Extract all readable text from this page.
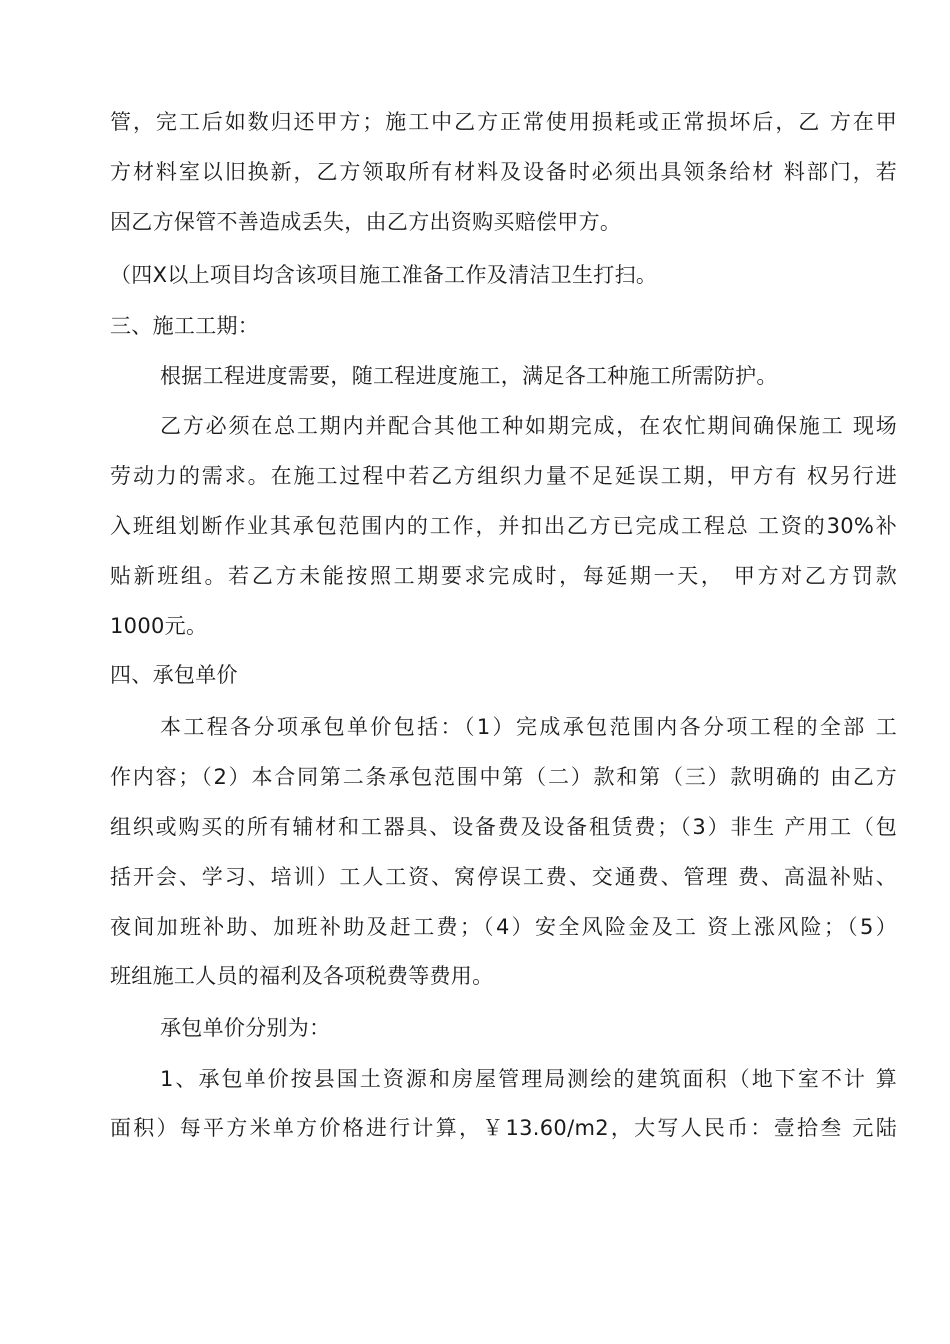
管，完工后如数归还甲方；施工中乙方正常使用损耗或正常损坏后，乙 方在甲
方材料室以旧换新，乙方领取所有材料及设备时必须出具领条给材 料部门，若
因乙方保管不善造成丢失，由乙方出资购买赔偿甲方。
（四X以上项目均含该项目施工准备工作及清洁卫生打扫。
三、施工工期：
根据工程进度需要，随工程进度施工，满足各工种施工所需防护。
乙方必须在总工期内并配合其他工种如期完成，在农忙期间确保施工 现场
劳动力的需求。在施工过程中若乙方组织力量不足延误工期，甲方有 权另行进
入班组划断作业其承包范围内的工作，并扣出乙方已完成工程总 工资的30%补
贴新班组。若乙方未能按照工期要求完成时，每延期一天， 甲方对乙方罚款
1000元。
四、承包单价
本工程各分项承包单价包括：（1）完成承包范围内各分项工程的全部 工
作内容；（2）本合同第二条承包范围中第（二）款和第（三）款明确的 由乙方
组织或购买的所有辅材和工器具、设备费及设备租赁费；（3）非生 产用工（包
括开会、学习、培训）工人工资、窝停误工费、交通费、管理 费、高温补贴、
夜间加班补助、加班补助及赶工费；（4）安全风险金及工 资上涨风险；（5）
班组施工人员的福利及各项税费等费用。
承包单价分别为：
1、承包单价按县国土资源和房屋管理局测绘的建筑面积（地下室不计 算
面积）每平方米单方价格进行计算，￥13.60/m2，大写人民币：壹拾叁 元陆
